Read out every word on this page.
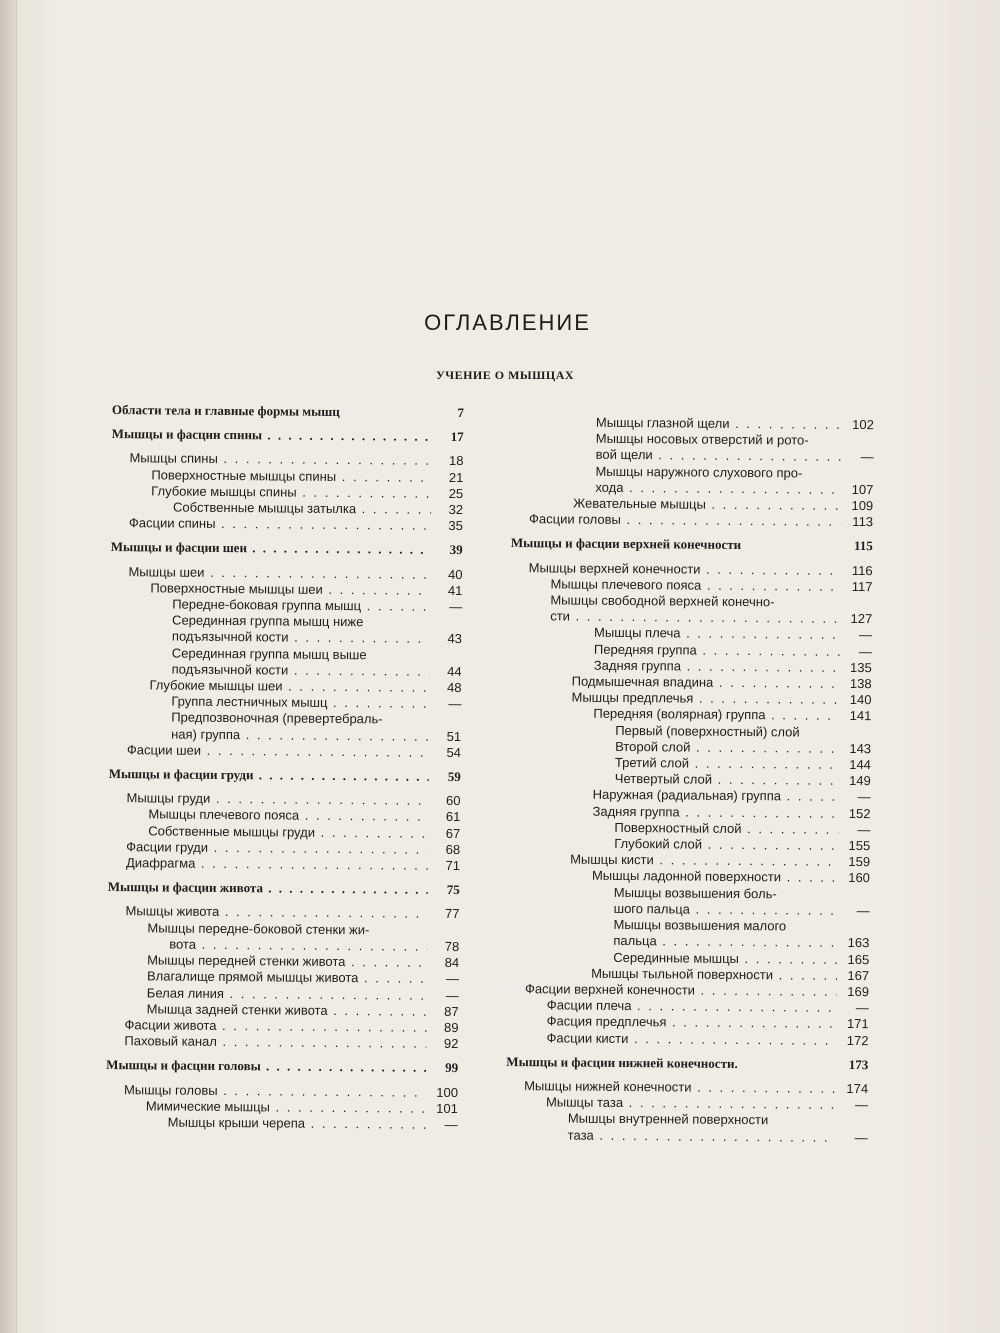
ОГЛАВЛЕНИЕ
УЧЕНИЕ О МЫШЦАХ
Области тела и главные формы мышц	7
Мышцы и фасции спины . . .	17
Мышцы спины . . .	18
Поверхностные мышцы спины . . .	21
Глубокие мышцы спины . . .	25
Собственные мышцы затылка . . .	32
Фасции спины . . .	35
Мышцы и фасции шеи . . .	39
Мышцы шеи . . .	40
Поверхностные мышцы шеи . . .	41
Передне-боковая группа мышц . . .	—
Серединная группа мышц ниже
подъязычной кости . . .	43
Серединная группа мышц выше
подъязычной кости . . .	44
Глубокие мышцы шеи . . .	48
Группа лестничных мышц . . .	—
Предпозвоночная (превертебраль-
ная) группа . . .	51
Фасции шеи . . .	54
Мышцы и фасции груди . . .	59
Мышцы груди . . .	60
Мышцы плечевого пояса . . .	61
Собственные мышцы груди . . .	67
Фасции груди . . .	68
Диафрагма . . .	71
Мышцы и фасции живота . . .	75
Мышцы живота . . .	77
Мышцы передне-боковой стенки жи-
вота . . .	78
Мышцы передней стенки живота . . .	84
Влагалище прямой мышцы живота . . .	—
Белая линия . . .	—
Мышца задней стенки живота . . .	87
Фасции живота . . .	89
Паховый канал . . .	92
Мышцы и фасции головы . . .	99
Мышцы головы . . .	100
Мимические мышцы . . .	101
Мышцы крыши черепа . . .	—
Мышцы глазной щели . . .	102
Мышцы носовых отверстий и рото-
вой щели . . .	—
Мышцы наружного слухового про-
хода . . .	107
Жевательные мышцы . . .	109
Фасции головы . . .	113
Мышцы и фасции верхней конечности	115
Мышцы верхней конечности . . .	116
Мышцы плечевого пояса . . .	117
Мышцы свободной верхней конечно-
сти . . .	127
Мышцы плеча . . .	—
Передняя группа . . .	—
Задняя группа . . .	135
Подмышечная впадина . . .	138
Мышцы предплечья . . .	140
Передняя (волярная) группа . . .	141
Первый (поверхностный) слой
Второй слой . . .	143
Третий слой . . .	144
Четвертый слой . . .	149
Наружная (радиальная) группа . . .	—
Задняя группа . . .	152
Поверхностный слой . . .	—
Глубокий слой . . .	155
Мышцы кисти . . .	159
Мышцы ладонной поверхности . . .	160
Мышцы возвышения боль-
шого пальца . . .	—
Мышцы возвышения малого
пальца . . .	163
Серединные мышцы . . .	165
Мышцы тыльной поверхности . . .	167
Фасции верхней конечности . . .	169
Фасции плеча . . .	—
Фасция предплечья . . .	171
Фасции кисти . . .	172
Мышцы и фасции нижней конечности.	173
Мышцы нижней конечности . . .	174
Мышцы таза . . .	—
Мышцы внутренней поверхности
таза . . .	—
